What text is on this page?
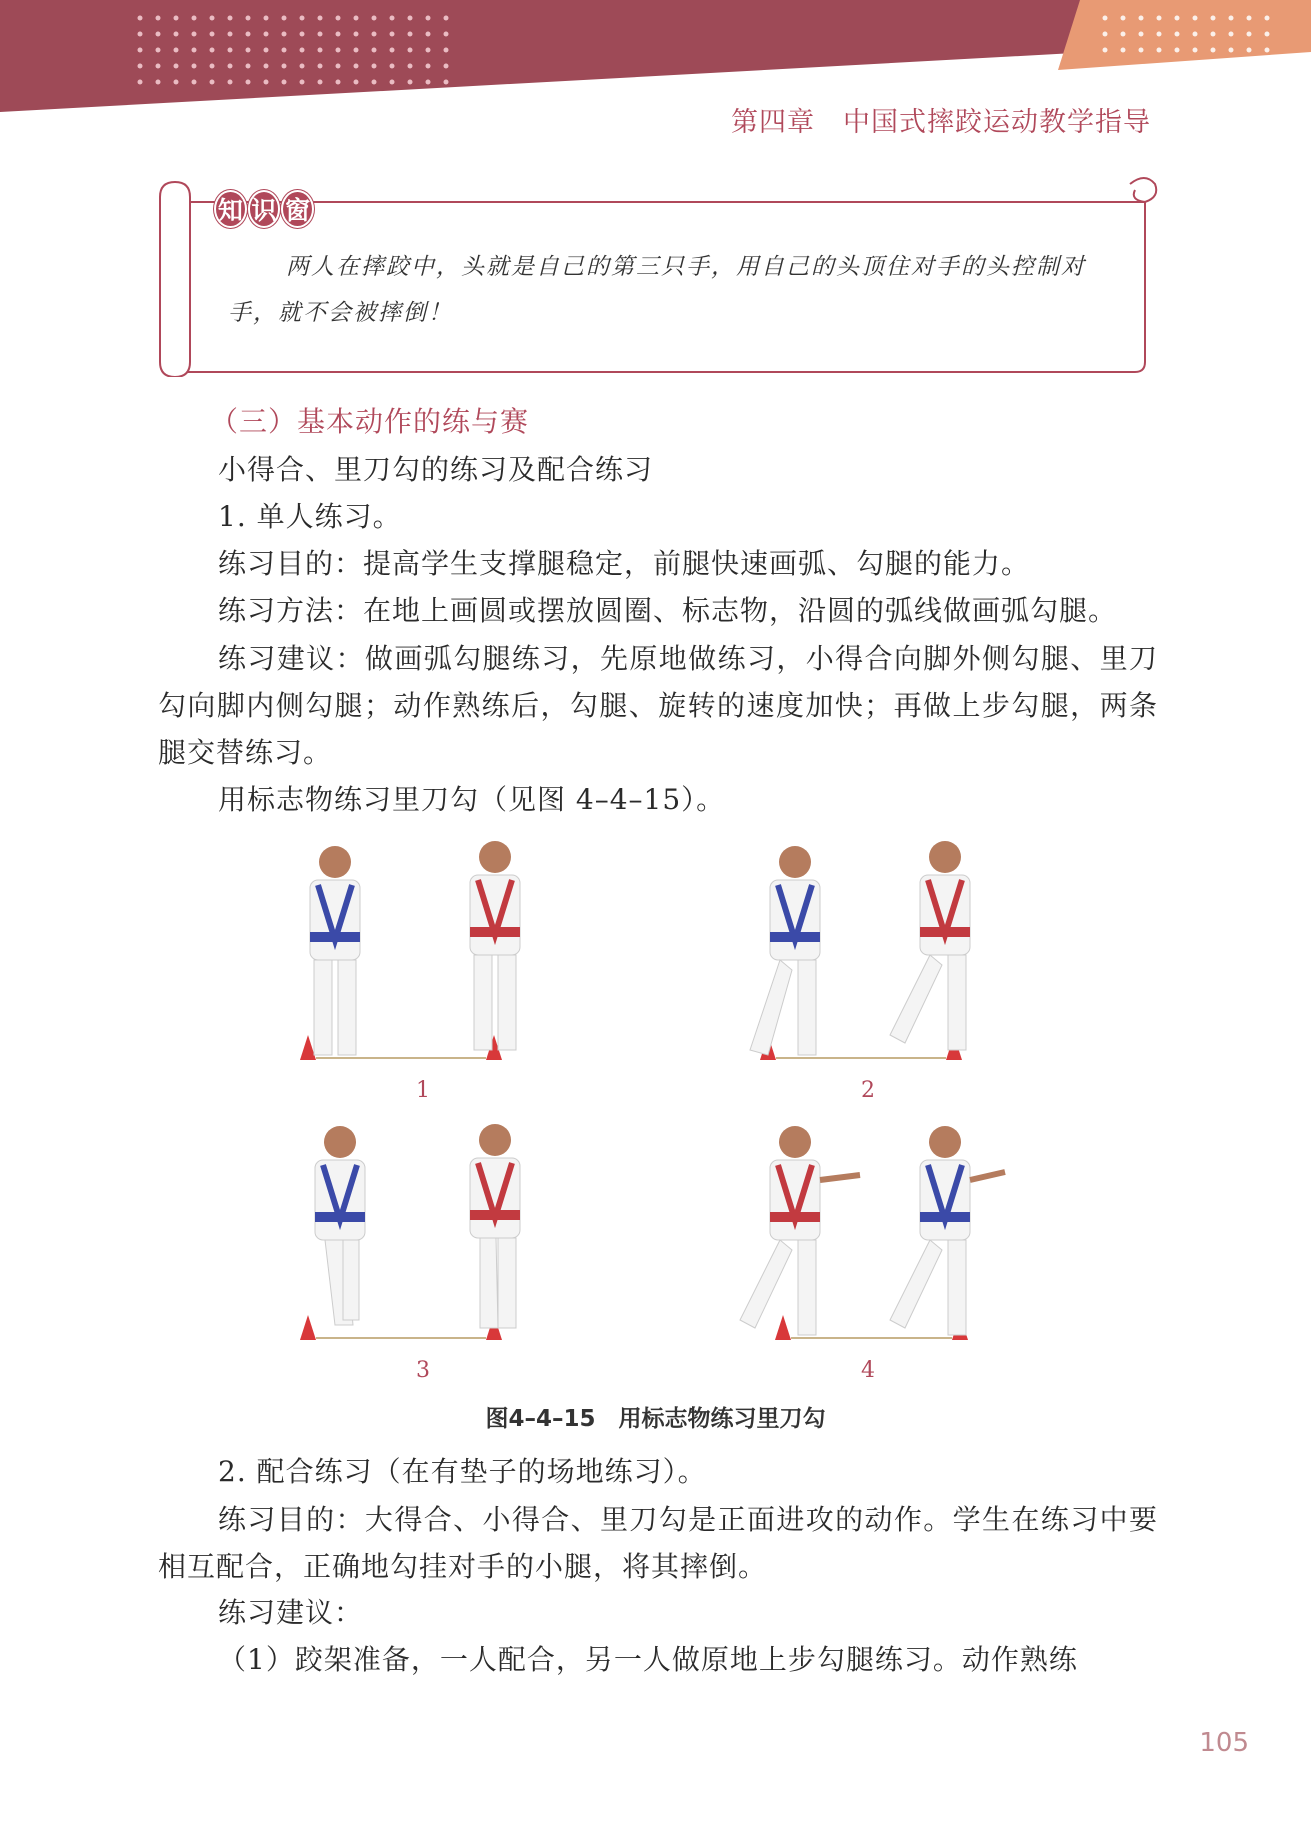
第四章　中国式摔跤运动教学指导
知 识 窗
两人在摔跤中，头就是自己的第三只手，用自己的头顶住对手的头控制对手，就不会被摔倒！
（三）基本动作的练与赛
小得合、里刀勾的练习及配合练习
1. 单人练习。
练习目的：提高学生支撑腿稳定，前腿快速画弧、勾腿的能力。
练习方法：在地上画圆或摆放圆圈、标志物，沿圆的弧线做画弧勾腿。
练习建议：做画弧勾腿练习，先原地做练习，小得合向脚外侧勾腿、里刀勾向脚内侧勾腿；动作熟练后，勾腿、旋转的速度加快；再做上步勾腿，两条腿交替练习。
用标志物练习里刀勾（见图 4–4–15）。
1	2
3	4
图4–4–15　用标志物练习里刀勾
2. 配合练习（在有垫子的场地练习）。
练习目的：大得合、小得合、里刀勾是正面进攻的动作。学生在练习中要相互配合，正确地勾挂对手的小腿，将其摔倒。
练习建议：
（1）跤架准备，一人配合，另一人做原地上步勾腿练习。动作熟练
105
